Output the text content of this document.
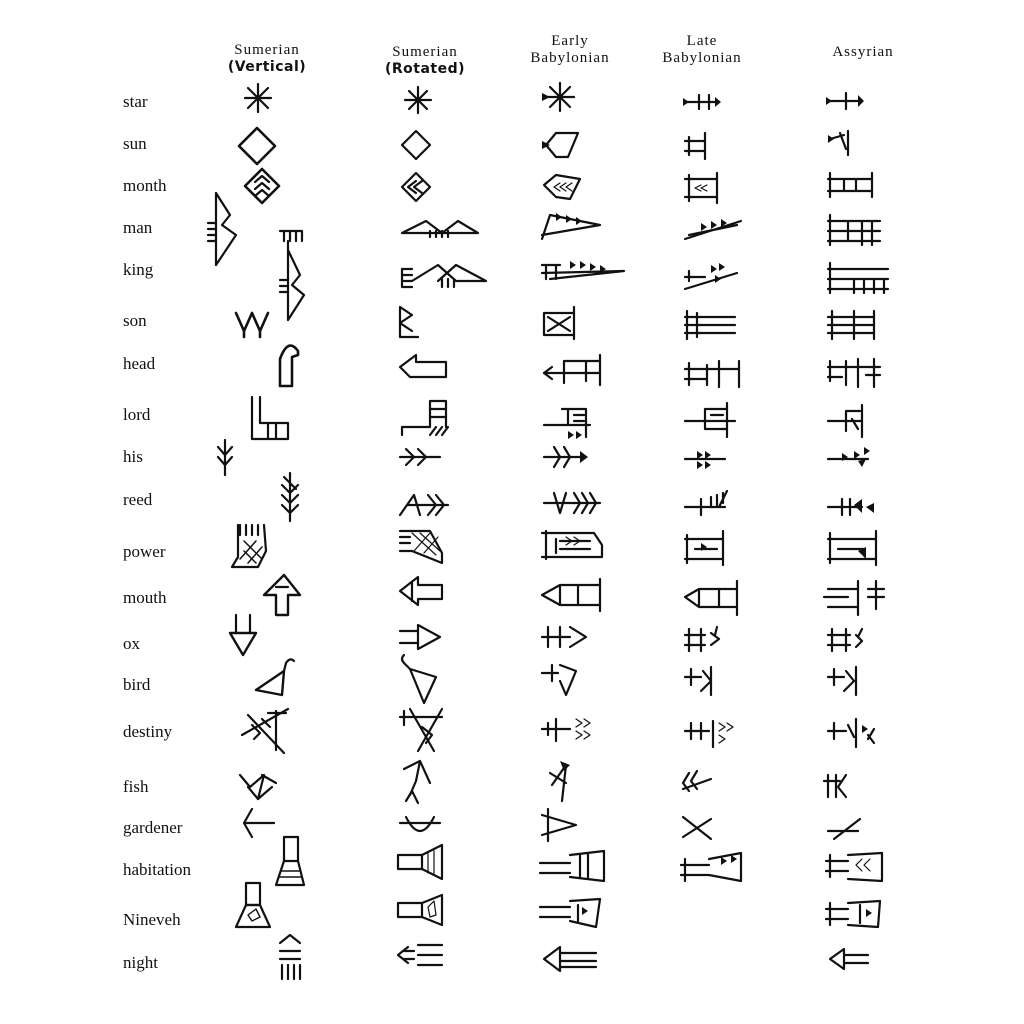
Sumerian
(Vertical)
Sumerian
(Rotated)
Early
Babylonian
Late
Babylonian	Assyrian
star
sun
month
man
king
son
head
lord
his
reed
power
mouth
ox
bird
destiny
fish
gardener
habitation
Nineveh
night
